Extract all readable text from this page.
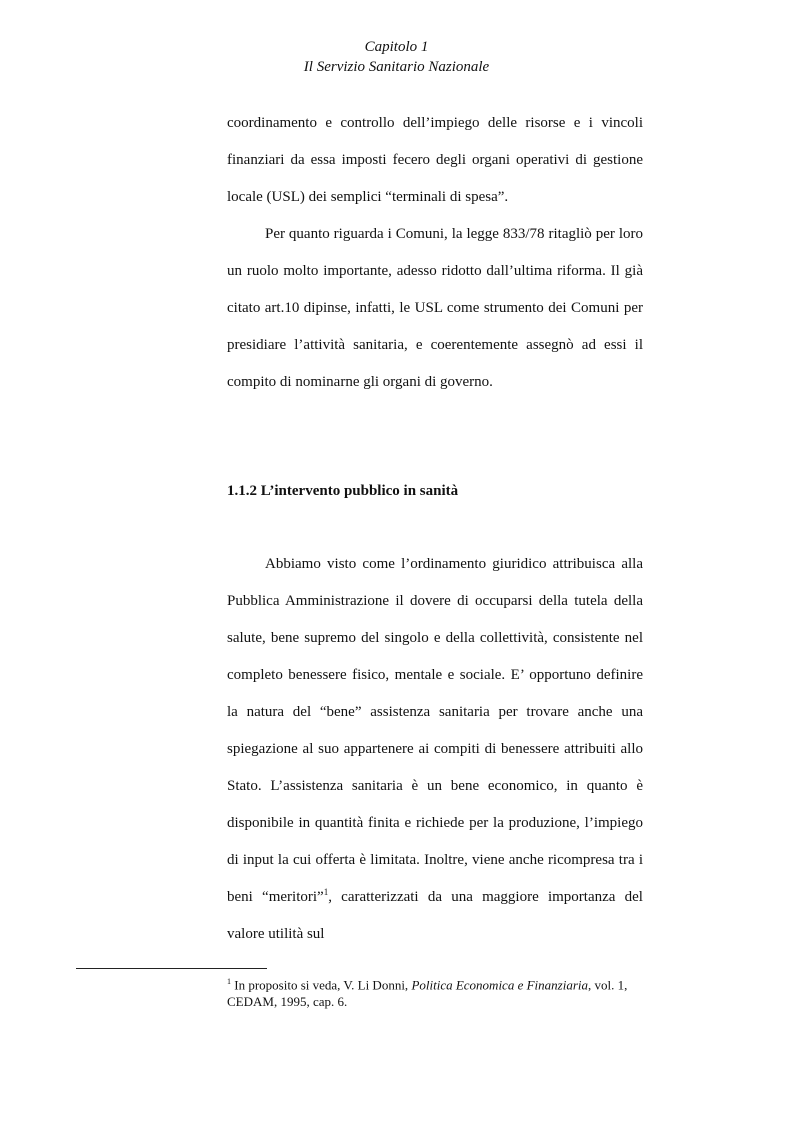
Capitolo 1
Il Servizio Sanitario Nazionale

coordinamento e controllo dell’impiego delle risorse e i vincoli finanziari da essa imposti fecero degli organi operativi di gestione locale (USL) dei semplici “terminali di spesa”.

Per quanto riguarda i Comuni, la legge 833/78 ritagliò per loro un ruolo molto importante, adesso ridotto dall’ultima riforma. Il già citato art.10 dipinse, infatti, le USL come strumento dei Comuni per presidiare l’attività sanitaria, e coerentemente assegnò ad essi il compito di nominarne gli organi di governo.

1.1.2 L’intervento pubblico in sanità

Abbiamo visto come l’ordinamento giuridico attribuisca alla Pubblica Amministrazione il dovere di occuparsi della tutela della salute, bene supremo del singolo e della collettività, consistente nel completo benessere fisico, mentale e sociale. E’ opportuno definire la natura del “bene” assistenza sanitaria per trovare anche una spiegazione al suo appartenere ai compiti di benessere attribuiti allo Stato. L’assistenza sanitaria è un bene economico, in quanto è disponibile in quantità finita e richiede per la produzione, l’impiego di input la cui offerta è limitata. Inoltre, viene anche ricompresa tra i beni “meritori”$^1$, caratterizzati da una maggiore importanza del valore utilità sul

$^1$ In proposito si veda, V. Li Donni, Politica Economica e Finanziaria, vol. 1, CEDAM, 1995, cap. 6.
